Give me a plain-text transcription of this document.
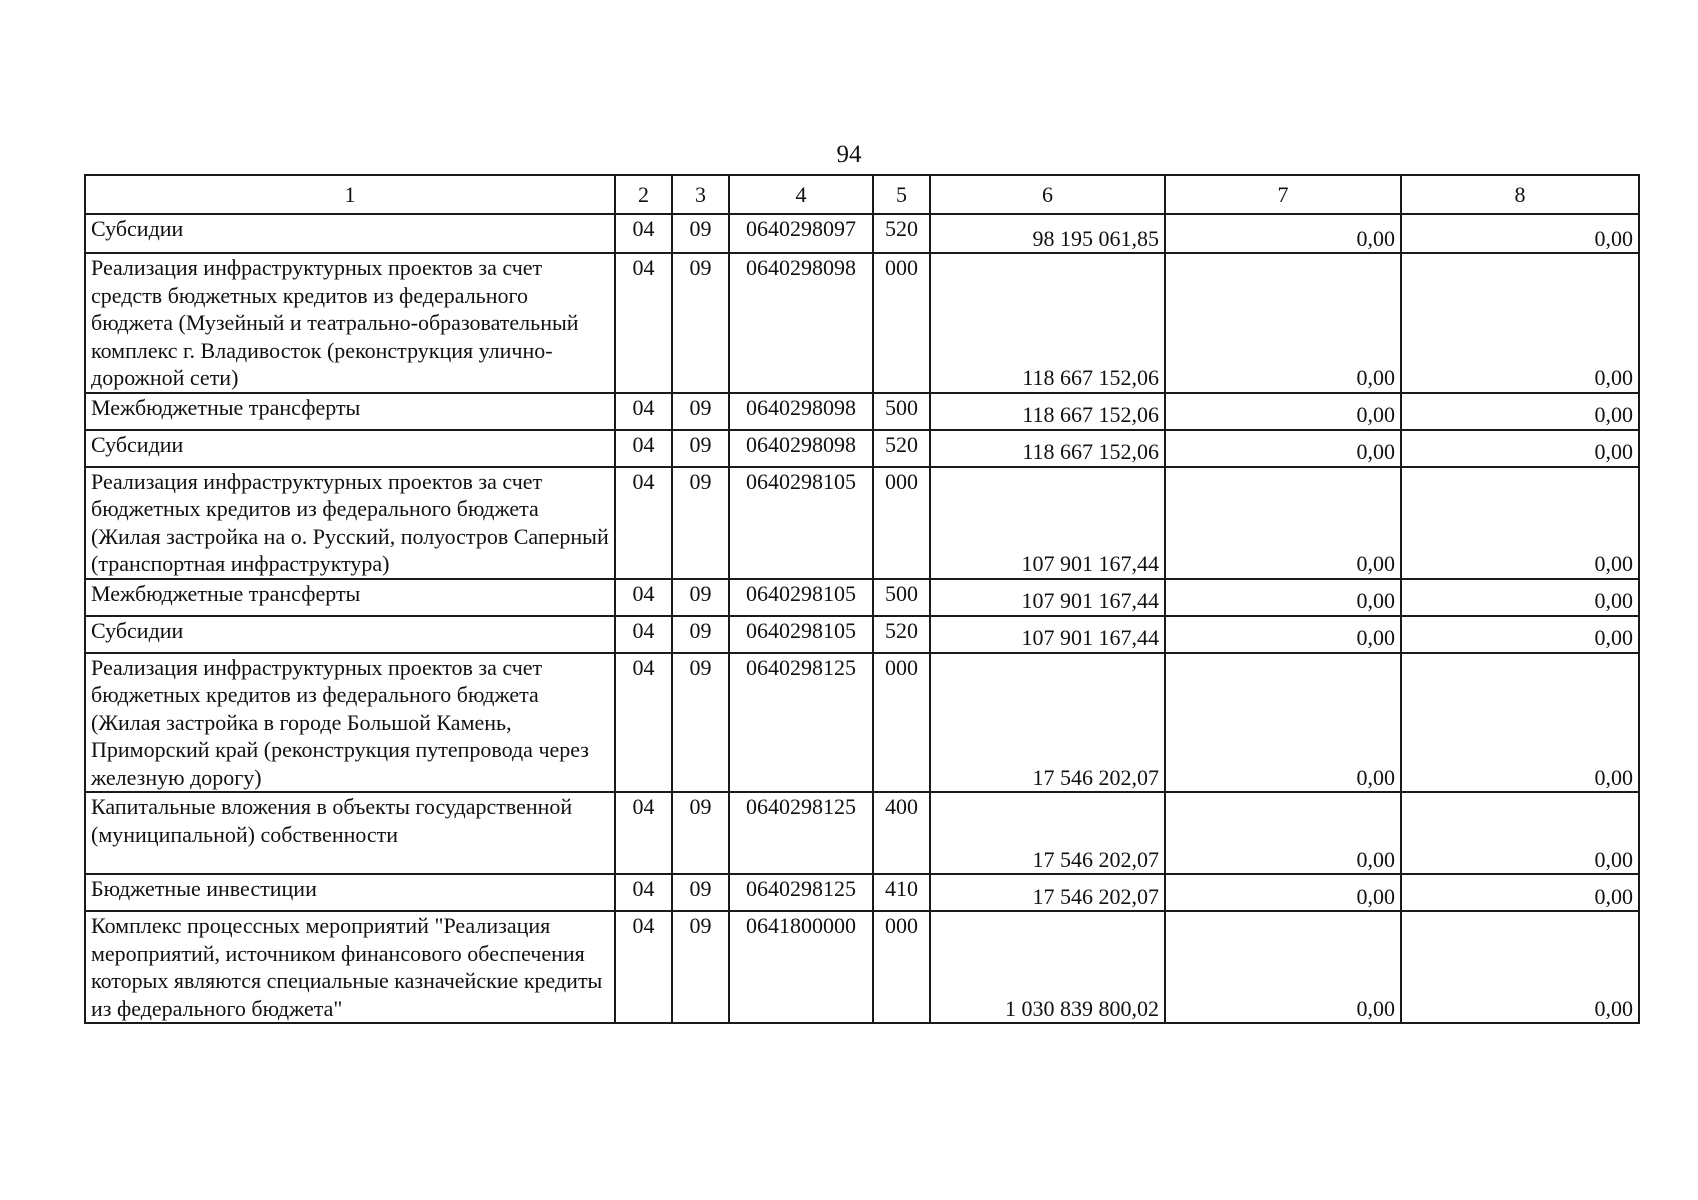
94
1	2	3	4	5	6	7	8
Субсидии	04	09	0640298097	520	98 195 061,85	0,00	0,00
Реализация инфраструктурных проектов за счет средств бюджетных кредитов из федерального бюджета (Музейный и театрально-образовательный комплекс г. Владивосток (реконструкция улично-дорожной сети)	04	09	0640298098	000	118 667 152,06	0,00	0,00
Межбюджетные трансферты	04	09	0640298098	500	118 667 152,06	0,00	0,00
Субсидии	04	09	0640298098	520	118 667 152,06	0,00	0,00
Реализация инфраструктурных проектов за счет бюджетных кредитов из федерального бюджета (Жилая застройка на о. Русский, полуостров Саперный (транспортная инфраструктура)	04	09	0640298105	000	107 901 167,44	0,00	0,00
Межбюджетные трансферты	04	09	0640298105	500	107 901 167,44	0,00	0,00
Субсидии	04	09	0640298105	520	107 901 167,44	0,00	0,00
Реализация инфраструктурных проектов за счет бюджетных кредитов из федерального бюджета (Жилая застройка в городе Большой Камень, Приморский край (реконструкция путепровода через железную дорогу)	04	09	0640298125	000	17 546 202,07	0,00	0,00
Капитальные вложения в объекты государственной (муниципальной) собственности	04	09	0640298125	400	17 546 202,07	0,00	0,00
Бюджетные инвестиции	04	09	0640298125	410	17 546 202,07	0,00	0,00
Комплекс процессных мероприятий "Реализация мероприятий, источником финансового обеспечения которых являются специальные казначейские кредиты из федерального бюджета"	04	09	0641800000	000	1 030 839 800,02	0,00	0,00
